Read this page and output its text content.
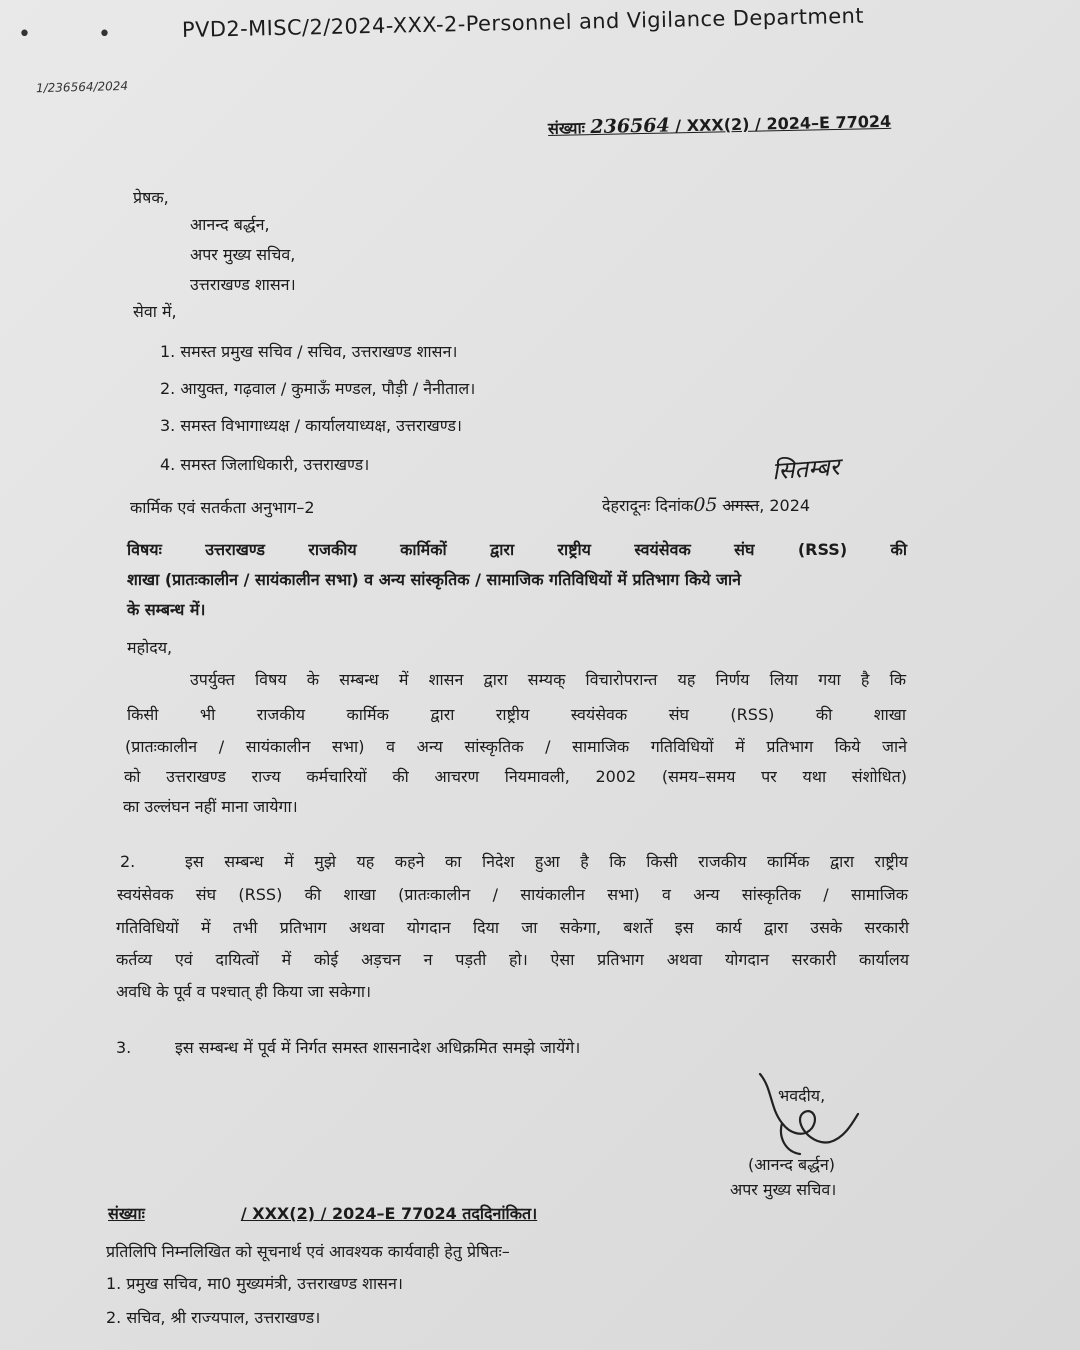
• • PVD2-MISC/2/2024-XXX-2-Personnel and Vigilance Department
1/236564/2024
संख्याः 236564 / XXX(2) / 2024–E 77024
प्रेषक,
आनन्द बर्द्धन,
अपर मुख्य सचिव,
उत्तराखण्ड शासन।
सेवा में,
1. समस्त प्रमुख सचिव / सचिव, उत्तराखण्ड शासन।
2. आयुक्त, गढ़वाल / कुमाऊँ मण्डल, पौड़ी / नैनीताल।
3. समस्त विभागाध्यक्ष / कार्यालयाध्यक्ष, उत्तराखण्ड।
4. समस्त जिलाधिकारी, उत्तराखण्ड।	सितम्बर
कार्मिक एवं सतर्कता अनुभाग–2	देहरादूनः दिनांक05 अगस्त, 2024
विषयः उत्तराखण्ड राजकीय कार्मिकों द्वारा राष्ट्रीय स्वयंसेवक संघ (RSS) की
शाखा (प्रातःकालीन / सायंकालीन सभा) व अन्य सांस्कृतिक / सामाजिक गतिविधियों में प्रतिभाग किये जाने
के सम्बन्ध में।
महोदय,
उपर्युक्त विषय के सम्बन्ध में शासन द्वारा सम्यक् विचारोपरान्त यह निर्णय लिया गया है कि
किसी भी राजकीय कार्मिक द्वारा राष्ट्रीय स्वयंसेवक संघ (RSS) की शाखा
(प्रातःकालीन / सायंकालीन सभा) व अन्य सांस्कृतिक / सामाजिक गतिविधियों में प्रतिभाग किये जाने
को उत्तराखण्ड राज्य कर्मचारियों की आचरण नियमावली, 2002 (समय–समय पर यथा संशोधित)
का उल्लंघन नहीं माना जायेगा।
2.	इस सम्बन्ध में मुझे यह कहने का निदेश हुआ है कि किसी राजकीय कार्मिक द्वारा राष्ट्रीय
स्वयंसेवक संघ (RSS) की शाखा (प्रातःकालीन / सायंकालीन सभा) व अन्य सांस्कृतिक / सामाजिक
गतिविधियों में तभी प्रतिभाग अथवा योगदान दिया जा सकेगा, बशर्ते इस कार्य द्वारा उसके सरकारी
कर्तव्य एवं दायित्वों में कोई अड़चन न पड़ती हो। ऐसा प्रतिभाग अथवा योगदान सरकारी कार्यालय
अवधि के पूर्व व पश्चात् ही किया जा सकेगा।
3.	इस सम्बन्ध में पूर्व में निर्गत समस्त शासनादेश अधिक्रमित समझे जायेंगे।
भवदीय,
(आनन्द बर्द्धन)
अपर मुख्य सचिव।
संख्याः	/ XXX(2) / 2024–E 77024 तददिनांकित।
प्रतिलिपि निम्नलिखित को सूचनार्थ एवं आवश्यक कार्यवाही हेतु प्रेषितः–
1. प्रमुख सचिव, मा0 मुख्यमंत्री, उत्तराखण्ड शासन।
2. सचिव, श्री राज्यपाल, उत्तराखण्ड।
